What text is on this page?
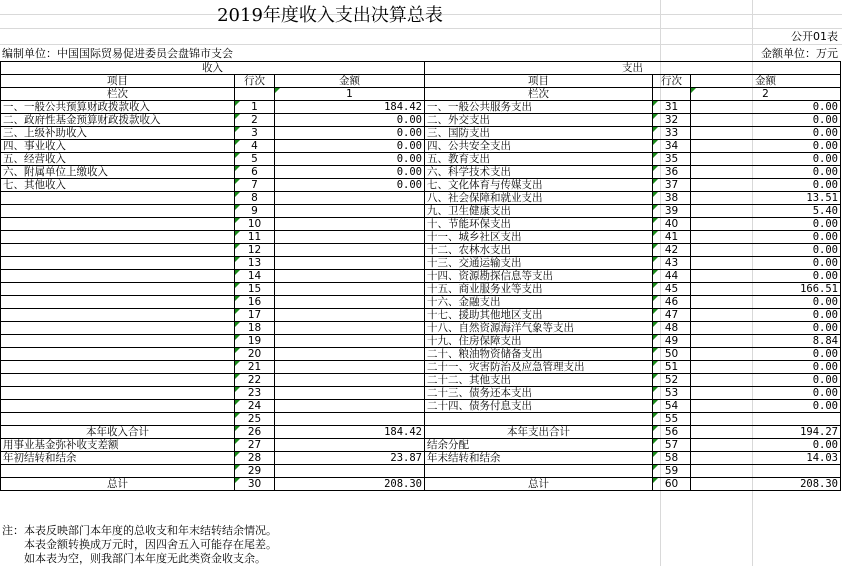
2019年度收入支出决算总表
公开01表
编制单位：中国国际贸易促进委员会盘锦市支会	金额单位：万元
收入			支出		
项目	行次	金额	项目	行次	金额
栏次		1	栏次		2
一、一般公共预算财政拨款收入	1	184.42	一、一般公共服务支出	31	0.00
二、政府性基金预算财政拨款收入	2	0.00	二、外交支出	32	0.00
三、上级补助收入	3	0.00	三、国防支出	33	0.00
四、事业收入	4	0.00	四、公共安全支出	34	0.00
五、经营收入	5	0.00	五、教育支出	35	0.00
六、附属单位上缴收入	6	0.00	六、科学技术支出	36	0.00
七、其他收入	7	0.00	七、文化体育与传媒支出	37	0.00
	8		八、社会保障和就业支出	38	13.51
	9		九、卫生健康支出	39	5.40
	10		十、节能环保支出	40	0.00
	11		十一、城乡社区支出	41	0.00
	12		十二、农林水支出	42	0.00
	13		十三、交通运输支出	43	0.00
	14		十四、资源勘探信息等支出	44	0.00
	15		十五、商业服务业等支出	45	166.51
	16		十六、金融支出	46	0.00
	17		十七、援助其他地区支出	47	0.00
	18		十八、自然资源海洋气象等支出	48	0.00
	19		十九、住房保障支出	49	8.84
	20		二十、粮油物资储备支出	50	0.00
	21		二十一、灾害防治及应急管理支出	51	0.00
	22		二十二、其他支出	52	0.00
	23		二十三、债务还本支出	53	0.00
	24		二十四、债务付息支出	54	0.00
	25			55	
本年收入合计	26	184.42	本年支出合计	56	194.27
用事业基金弥补收支差额	27		结余分配	57	0.00
年初结转和结余	28	23.87	年末结转和结余	58	14.03
	29			59	
总计	30	208.30	总计	60	208.30
注：本表反映部门本年度的总收支和年末结转结余情况。
本表金额转换成万元时，因四舍五入可能存在尾差。
如本表为空，则我部门本年度无此类资金收支余。
